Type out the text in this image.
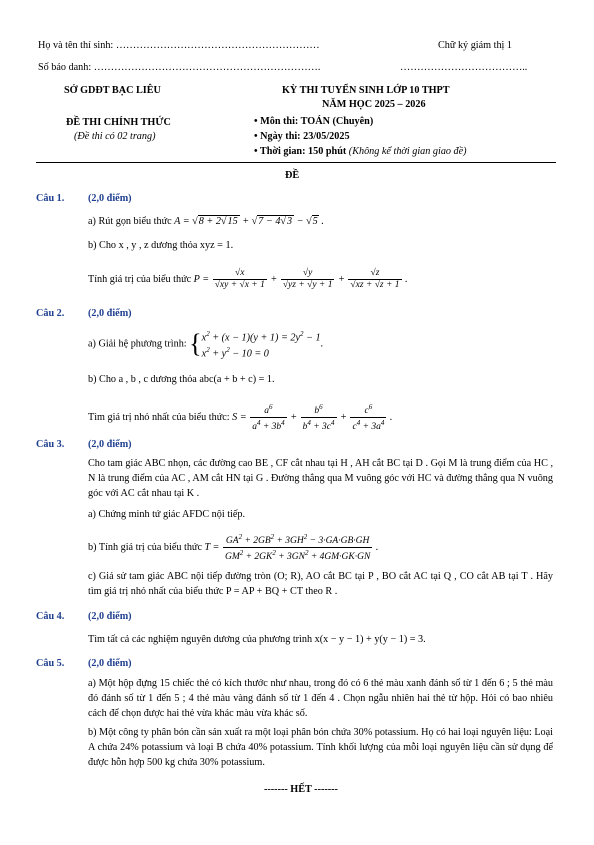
Họ và tên thí sinh: ……………………………………………………	Chữ ký giám thị 1
Số báo danh: ………………………………………………………….	………………………………..
SỞ GDĐT BẠC LIÊU
ĐỀ THI CHÍNH THỨC
(Đề thi có 02 trang)
KỲ THI TUYỂN SINH LỚP 10 THPT
NĂM HỌC 2025 – 2026
• Môn thi: TOÁN (Chuyên)
• Ngày thi: 23/05/2025
• Thời gian: 150 phút (Không kể thời gian giao đề)
ĐỀ
Câu 1. (2,0 điểm)
a) Rút gọn biểu thức A = √8 + 2√15 + √7 − 4√3 − √5 .
b) Cho x , y , z dương thỏa xyz = 1.
Tính giá trị của biểu thức $P = \frac{√x}{√xy + √x + 1} + \frac{√y}{√yz + √y + 1} + \frac{√z}{√xz + √z + 1}$ .
Câu 2. (2,0 điểm)
a) Giải hệ phương trình: {$x^2 + (x - 1)(y + 1) = 2y^2 - 1$
$x^2 + y^2 - 10 = 0$.
b) Cho a , b , c dương thỏa abc(a + b + c) = 1.
Tìm giá trị nhỏ nhất của biểu thức: $S = \frac{a^6}{a^4 + 3b^4} + \frac{b^6}{b^4 + 3c^4} + \frac{c^6}{c^4 + 3a^4}$ .
Câu 3. (2,0 điểm)
Cho tam giác ABC nhọn, các đường cao BE , CF cắt nhau tại H , AH cắt BC tại D . Gọi M là trung điểm của HC , N là trung điểm của AC , AM cắt HN tại G . Đường thẳng qua M vuông góc với HC và đường thẳng qua N vuông góc với AC cắt nhau tại K .
a) Chứng minh tứ giác AFDC nội tiếp.
b) Tính giá trị của biểu thức $T = \frac{GA^2 + 2GB^2 + 3GH^2 - 3\cdot GA\cdot GB\cdot GH}{GM^2 + 2GK^2 + 3GN^2 + 4GM\cdot GK\cdot GN}$ .
c) Giả sử tam giác ABC nội tiếp đường tròn (O; R), AO cắt BC tại P , BO cắt AC tại Q , CO cắt AB tại T . Hãy tìm giá trị nhỏ nhất của biểu thức P = AP + BQ + CT theo R .
Câu 4. (2,0 điểm)
Tìm tất cả các nghiệm nguyên dương của phương trình x(x − y − 1) + y(y − 1) = 3.
Câu 5. (2,0 điểm)
a) Một hộp đựng 15 chiếc thẻ có kích thước như nhau, trong đó có 6 thẻ màu xanh đánh số từ 1 đến 6 ; 5 thẻ màu đỏ đánh số từ 1 đến 5 ; 4 thẻ màu vàng đánh số từ 1 đến 4 . Chọn ngẫu nhiên hai thẻ từ hộp. Hỏi có bao nhiêu cách để chọn được hai thẻ vừa khác màu vừa khác số.
b) Một công ty phân bón cần sản xuất ra một loại phân bón chứa 30% potassium. Họ có hai loại nguyên liệu: Loại A chứa 24% potassium và loại B chứa 40% potassium. Tính khối lượng của mỗi loại nguyên liệu cần sử dụng để được hỗn hợp 500 kg chứa 30% potassium.
------- HẾT -------
